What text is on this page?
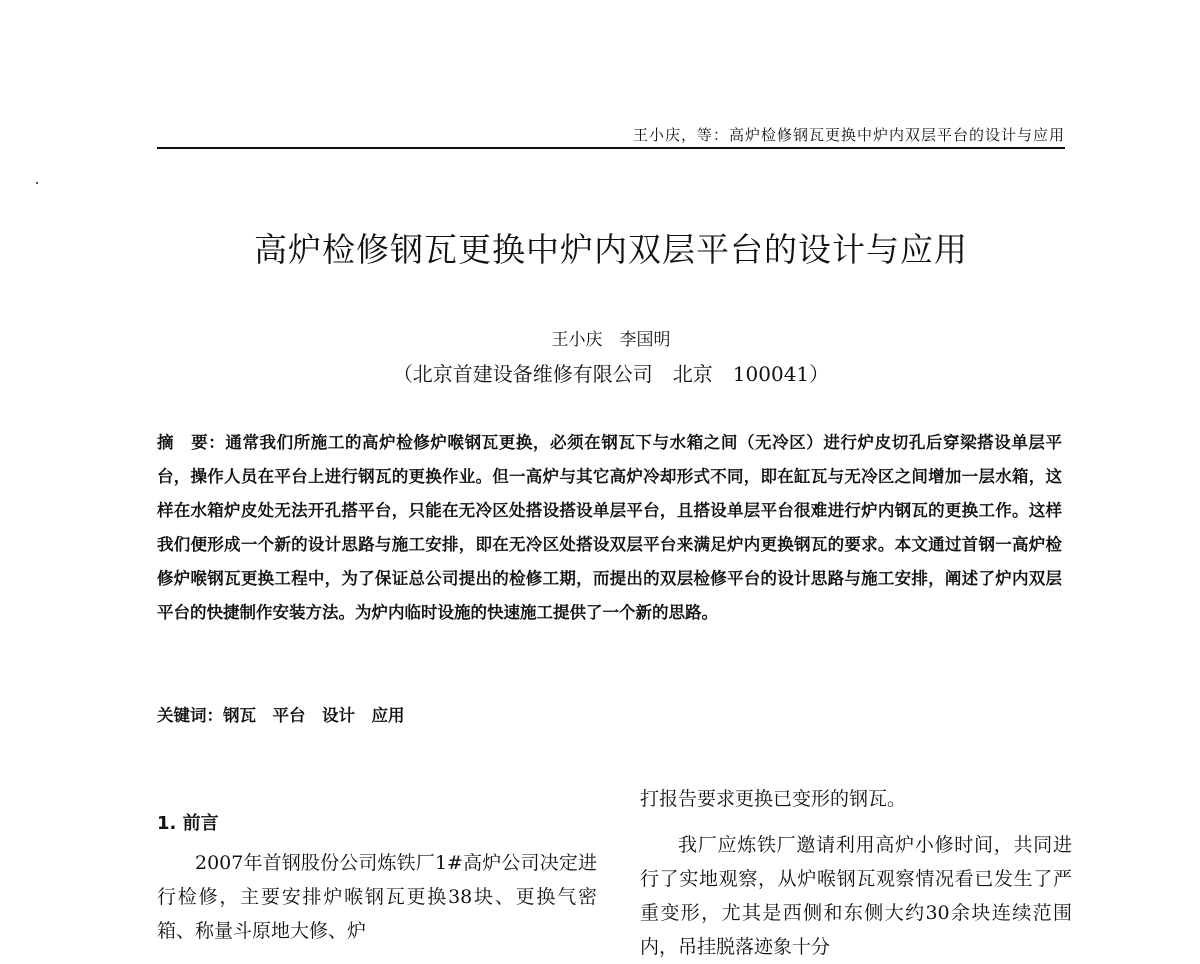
王小庆，等：高炉检修钢瓦更换中炉内双层平台的设计与应用
高炉检修钢瓦更换中炉内双层平台的设计与应用
王小庆　李国明
（北京首建设备维修有限公司　北京　100041）
摘　要：通常我们所施工的高炉检修炉喉钢瓦更换，必须在钢瓦下与水箱之间（无冷区）进行炉皮切孔后穿梁搭设单层平台，操作人员在平台上进行钢瓦的更换作业。但一高炉与其它高炉冷却形式不同，即在缸瓦与无冷区之间增加一层水箱，这样在水箱炉皮处无法开孔搭平台，只能在无冷区处搭设搭设单层平台，且搭设单层平台很难进行炉内钢瓦的更换工作。这样我们便形成一个新的设计思路与施工安排，即在无冷区处搭设双层平台来满足炉内更换钢瓦的要求。本文通过首钢一高炉检修炉喉钢瓦更换工程中，为了保证总公司提出的检修工期，而提出的双层检修平台的设计思路与施工安排，阐述了炉内双层平台的快捷制作安装方法。为炉内临时设施的快速施工提供了一个新的思路。
关键词：钢瓦　平台　设计　应用
1. 前言

2007年首钢股份公司炼铁厂1#高炉公司决定进行检修，主要安排炉喉钢瓦更换38块、更换气密箱、称量斗原地大修、炉

打报告要求更换已变形的钢瓦。

我厂应炼铁厂邀请利用高炉小修时间，共同进行了实地观察，从炉喉钢瓦观察情况看已发生了严重变形，尤其是西侧和东侧大约30余块连续范围内，吊挂脱落迹象十分
